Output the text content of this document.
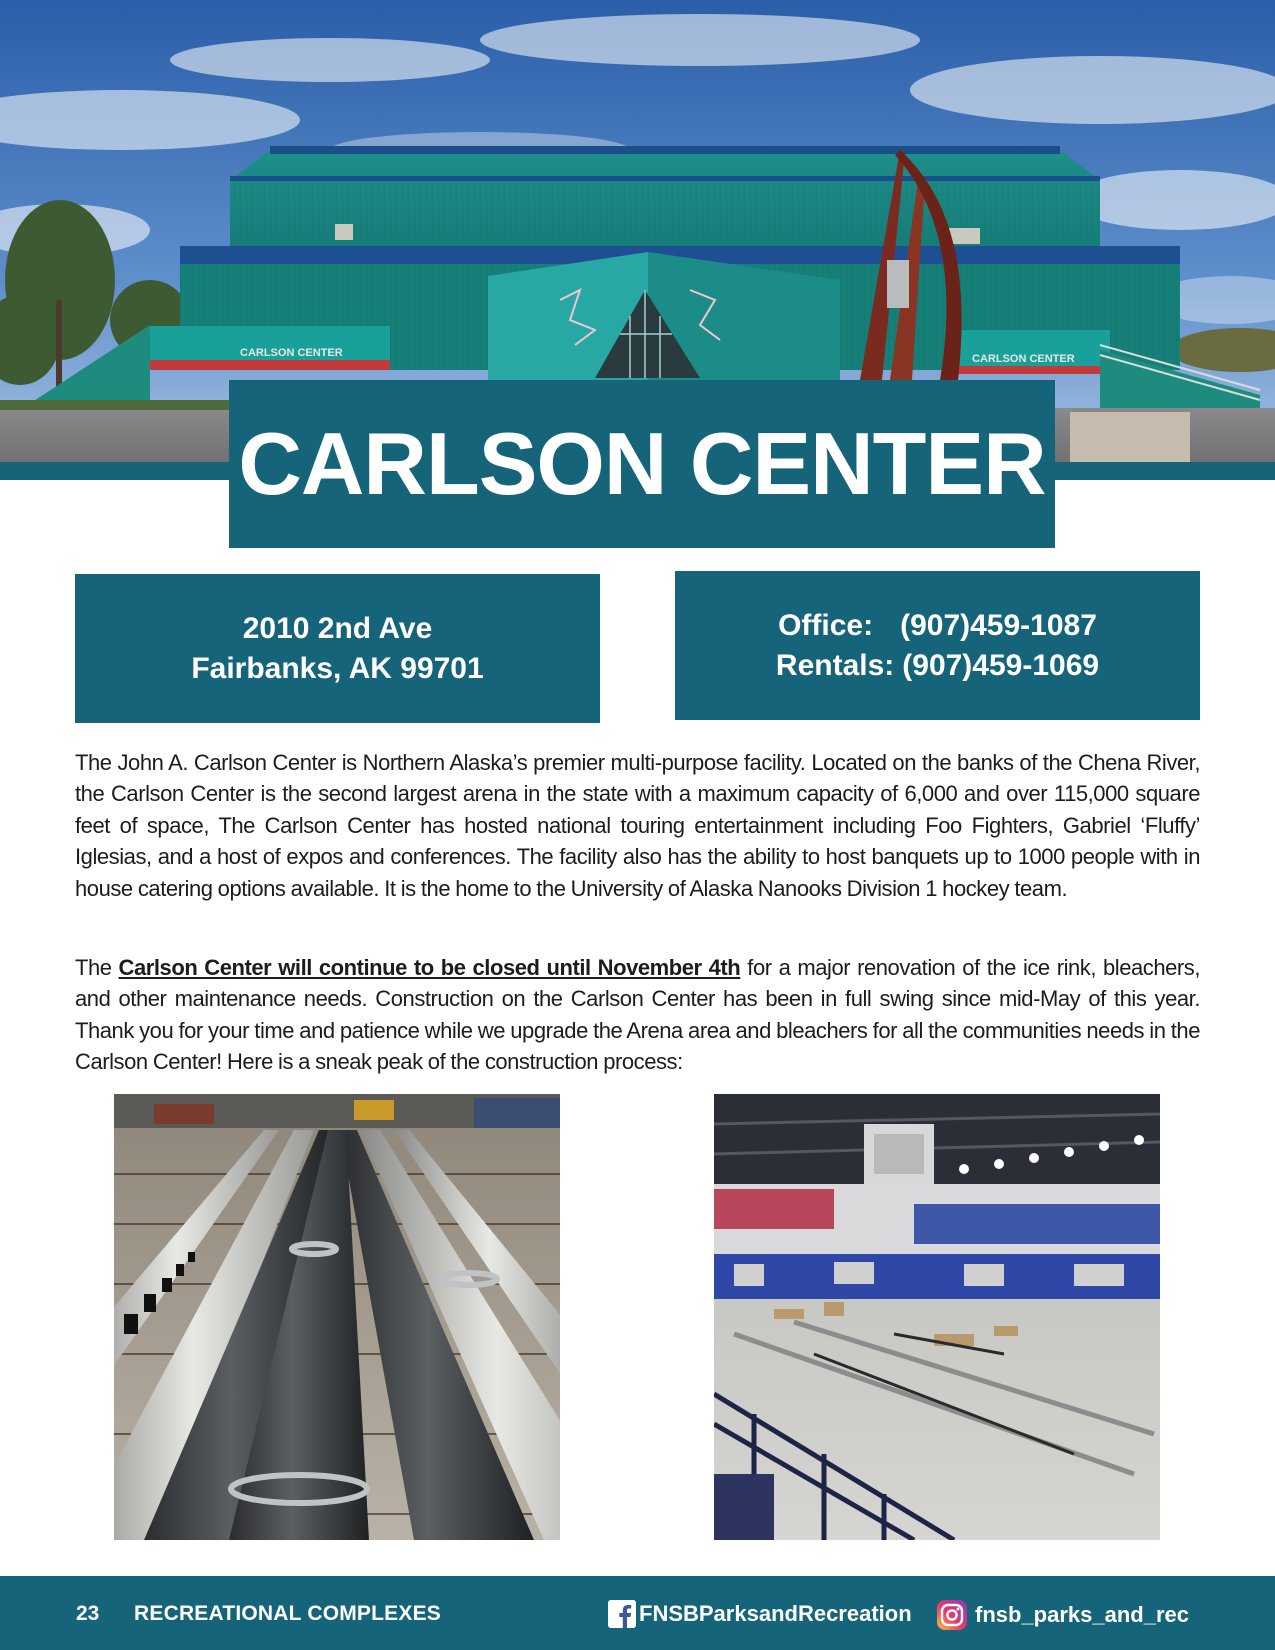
CARLSON CENTER	CARLSON CENTER
CARLSON CENTER
2010 2nd Ave
Fairbanks, AK 99701
Office: (907)459-1087
Rentals: (907)459-1069

The John A. Carlson Center is Northern Alaska’s premier multi-purpose facility. Located on the banks of the Chena River, the Carlson Center is the second largest arena in the state with a maximum capacity of 6,000 and over 115,000 square feet of space, The Carlson Center has hosted national touring entertainment including Foo Fighters, Gabriel ‘Fluffy’ Iglesias, and a host of expos and conferences. The facility also has the ability to host banquets up to 1000 people with in house catering options available. It is the home to the University of Alaska Nanooks Division 1 hockey team.

The Carlson Center will continue to be closed until November 4th for a major renovation of the ice rink, bleachers, and other maintenance needs. Construction on the Carlson Center has been in full swing since mid-May of this year. Thank you for your time and patience while we upgrade the Arena area and bleachers for all the communities needs in the Carlson Center! Here is a sneak peak of the construction process:

23 RECREATIONAL COMPLEXES	FNSBParksandRecreation	fnsb_parks_and_rec
